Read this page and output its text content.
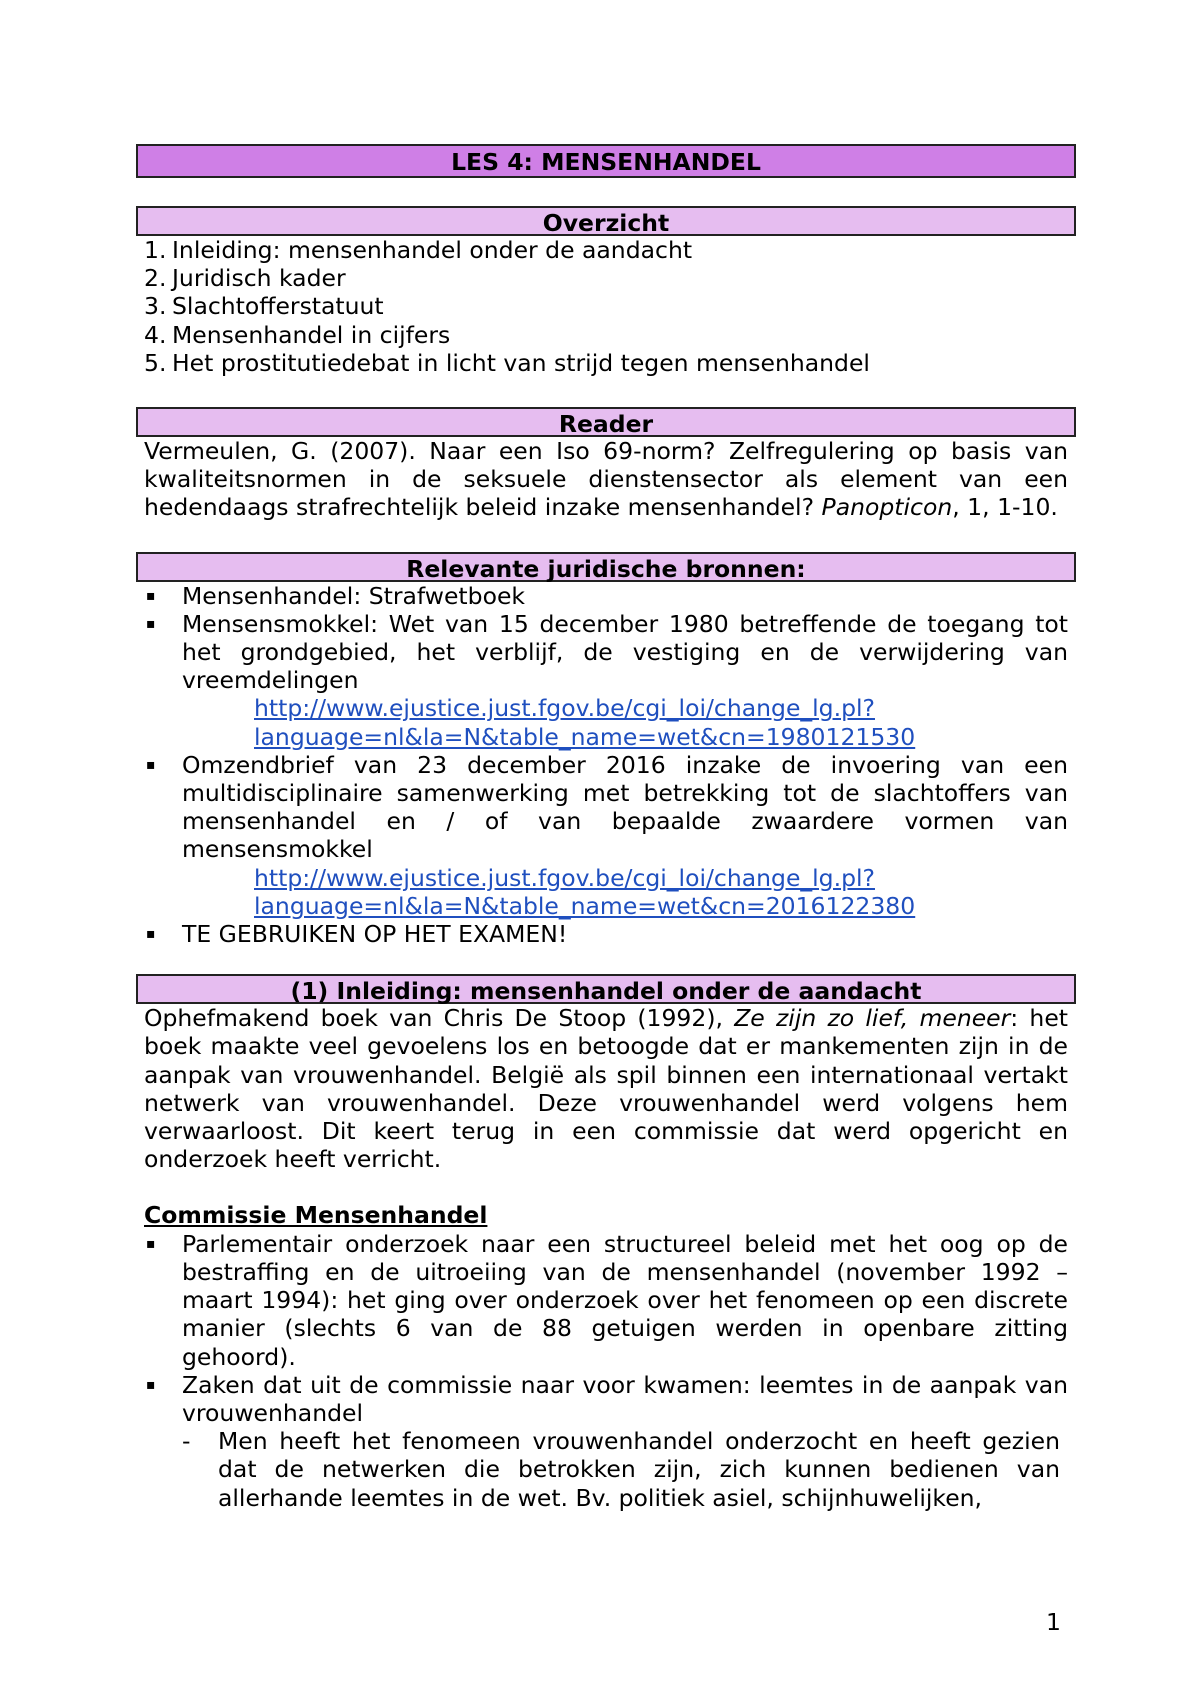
LES 4: MENSENHANDEL
Overzicht
1. Inleiding: mensenhandel onder de aandacht
2. Juridisch kader
3. Slachtofferstatuut
4. Mensenhandel in cijfers
5. Het prostitutiedebat in licht van strijd tegen mensenhandel
Reader

Vermeulen, G. (2007). Naar een Iso 69-norm? Zelfregulering op basis van kwaliteitsnormen in de seksuele dienstensector als element van een hedendaags strafrechtelijk beleid inzake mensenhandel? Panopticon, 1, 1-10.

Relevante juridische bronnen:
▪	Mensenhandel: Strafwetboek
▪	Mensensmokkel: Wet van 15 december 1980 betreffende de toegang tot het grondgebied, het verblijf, de vestiging en de verwijdering van vreemdelingen
http://www.ejustice.just.fgov.be/cgi_loi/change_lg.pl?
language=nl&la=N&table_name=wet&cn=1980121530
▪	Omzendbrief van 23 december 2016 inzake de invoering van een multidisciplinaire samenwerking met betrekking tot de slachtoffers van mensenhandel en / of van bepaalde zwaardere vormen van mensensmokkel
http://www.ejustice.just.fgov.be/cgi_loi/change_lg.pl?
language=nl&la=N&table_name=wet&cn=2016122380
▪	TE GEBRUIKEN OP HET EXAMEN!
(1) Inleiding: mensenhandel onder de aandacht

Ophefmakend boek van Chris De Stoop (1992), Ze zijn zo lief, meneer: het boek maakte veel gevoelens los en betoogde dat er mankementen zijn in de aanpak van vrouwenhandel. België als spil binnen een internationaal vertakt netwerk van vrouwenhandel. Deze vrouwenhandel werd volgens hem verwaarloost. Dit keert terug in een commissie dat werd opgericht en onderzoek heeft verricht.

Commissie Mensenhandel
▪	Parlementair onderzoek naar een structureel beleid met het oog op de bestraffing en de uitroeiing van de mensenhandel (november 1992 – maart 1994): het ging over onderzoek over het fenomeen op een discrete manier (slechts 6 van de 88 getuigen werden in openbare zitting gehoord).
▪	Zaken dat uit de commissie naar voor kwamen: leemtes in de aanpak van vrouwenhandel
-	Men heeft het fenomeen vrouwenhandel onderzocht en heeft gezien dat de netwerken die betrokken zijn, zich kunnen bedienen van allerhande leemtes in de wet. Bv. politiek asiel, schijnhuwelijken,
1
